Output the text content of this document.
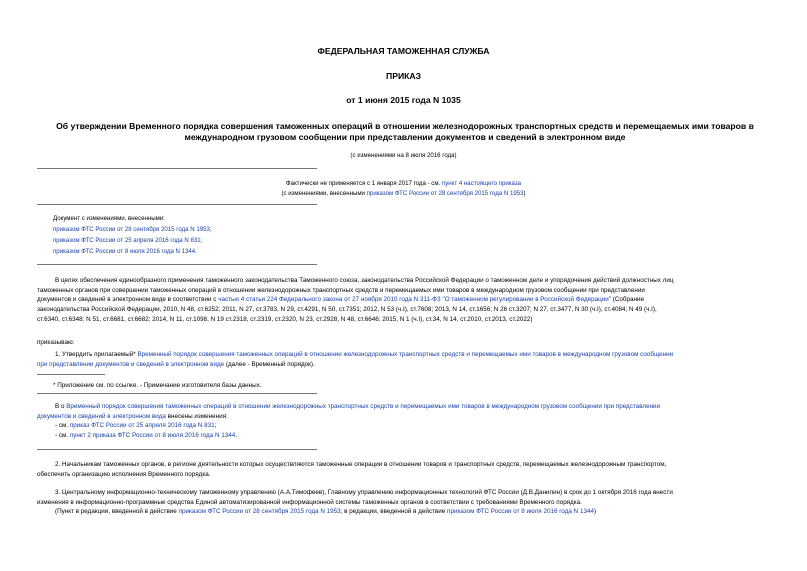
ФЕДЕРАЛЬНАЯ ТАМОЖЕННАЯ СЛУЖБА
ПРИКАЗ
от 1 июня 2015 года N 1035
Об утверждении Временного порядка совершения таможенных операций в отношении железнодорожных транспортных средств и перемещаемых ими товаров в
международном грузовом сообщении при представлении документов и сведений в электронном виде
(с изменениями на 8 июля 2016 года)
Фактически не применяется с 1 января 2017 года - см. пункт 4 настоящего приказа
(с изменениями, внесенными приказом ФТС России от 28 сентября 2015 года N 1953)
Документ с изменениями, внесенными:
приказом ФТС России от 28 сентября 2015 года N 1953;
приказом ФТС России от 25 апреля 2016 года N 831;
приказом ФТС России от 8 июля 2016 года N 1344.
В целях обеспечения единообразного применения таможенного законодательства Таможенного союза, законодательства Российской Федерации о таможенном деле и упорядочения действий должностных лиц
таможенных органов при совершении таможенных операций в отношении железнодорожных транспортных средств и перемещаемых ими товаров в международном грузовом сообщении при представлении
документов и сведений в электронном виде в соответствии с частью 4 статьи 224 Федерального закона от 27 ноября 2010 года N 311-ФЗ "О таможенном регулировании в Российской Федерации" (Собрание
законодательства Российской Федерации, 2010, N 48, ст.6252; 2011, N 27, ст.3783, N 29, ст.4291, N 50, ст.7351; 2012, N 53 (ч.I), ст.7608; 2013, N 14, ст.1656; N 26 ст.3207; N 27, ст.3477, N 30 (ч.I), ст.4084; N 49 (ч.I),
ст.6340, ст.6348; N 51, ст.6681, ст.6682; 2014, N 11, ст.1098, N 19 ст.2318, ст.2319, ст.2320, N 23, ст.2928, N 48, ст.6646; 2015, N 1 (ч.I), ст.34, N 14, ст.2010, ст.2013, ст.2022)
приказываю:
1. Утвердить прилагаемый* Временный порядок совершения таможенных операций в отношении железнодорожных транспортных средств и перемещаемых ими товаров в международном грузовом сообщении
при представлении документов и сведений в электронном виде (далее - Временный порядок).
* Приложение см. по ссылке. - Примечание изготовителя базы данных.
В о Временный порядок совершения таможенных операций в отношении железнодорожных транспортных средств и перемещаемых ими товаров в международном грузовом сообщении при представлении
документов и сведений в электронном вида внесены изменения:
- см. приказ ФТС России от 25 апреля 2016 года N 831;
- см. пункт 2 приказа ФТС России от 8 июля 2016 года N 1344.
2. Начальникам таможенных органов, в регионе деятельности которых осуществляются таможенные операции в отношении товаров и транспортных средств, перемещаемых железнодорожным транспортом,
обеспечить организацию исполнения Временного порядка.
3. Центральному информационно-техническому таможенному управлению (А.А.Тимофеев), Главному управлению информационных технологий ФТС России (Д.В.Данилин) в срок до 1 октября 2016 года внести
изменения в информационно-программные средства Единой автоматизированной информационной системы таможенных органов в соответствии с требованиями Временного порядка.
(Пункт в редакции, введенной в действие приказом ФТС России от 28 сентября 2015 года N 1953; в редакции, введенной в действие приказом ФТС России от 8 июля 2016 года N 1344)
